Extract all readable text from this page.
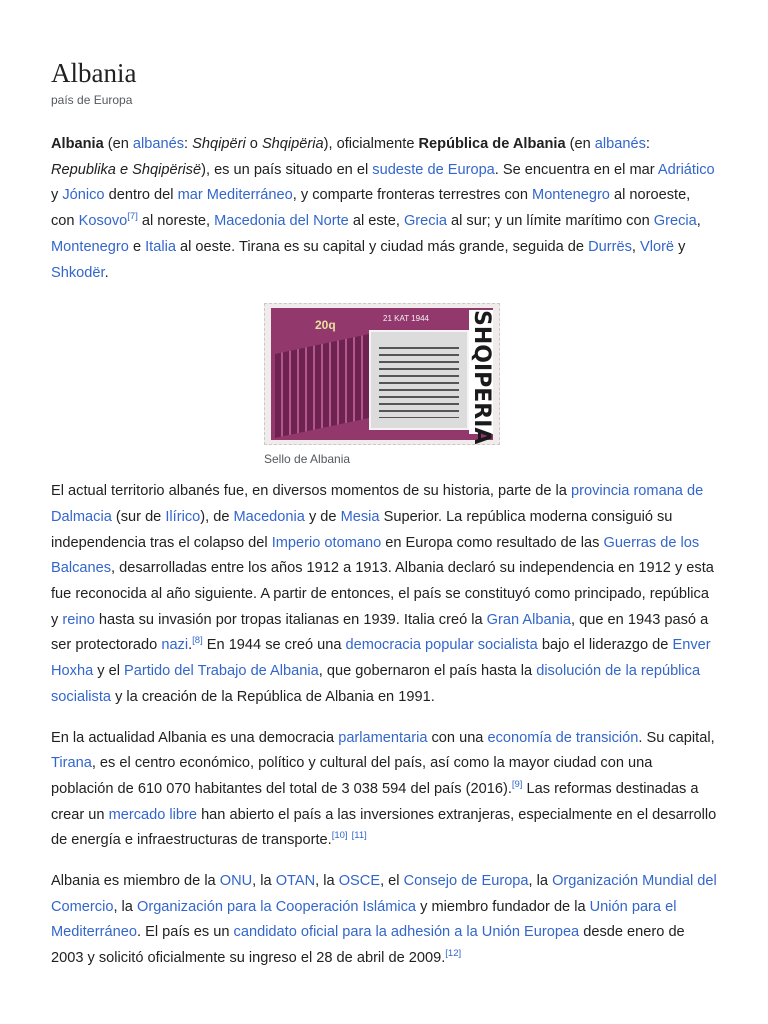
Albania
país de Europa

Albania (en albanés: Shqipëri o Shqipëria), oficialmente República de Albania (en albanés: Republika e Shqipërisë), es un país situado en el sudeste de Europa. Se encuentra en el mar Adriático y Jónico dentro del mar Mediterráneo, y comparte fronteras terrestres con Montenegro al noroeste, con Kosovo[7] al noreste, Macedonia del Norte al este, Grecia al sur; y un límite marítimo con Grecia, Montenegro e Italia al oeste. Tirana es su capital y ciudad más grande, seguida de Durrës, Vlorë y Shkodër.

20q	21 KAT 1944 SHQIPERIA
Sello de Albania

El actual territorio albanés fue, en diversos momentos de su historia, parte de la provincia romana de Dalmacia (sur de Ilírico), de Macedonia y de Mesia Superior. La república moderna consiguió su independencia tras el colapso del Imperio otomano en Europa como resultado de las Guerras de los Balcanes, desarrolladas entre los años 1912 a 1913. Albania declaró su independencia en 1912 y esta fue reconocida al año siguiente. A partir de entonces, el país se constituyó como principado, república y reino hasta su invasión por tropas italianas en 1939. Italia creó la Gran Albania, que en 1943 pasó a ser protectorado nazi.[8] En 1944 se creó una democracia popular socialista bajo el liderazgo de Enver Hoxha y el Partido del Trabajo de Albania, que gobernaron el país hasta la disolución de la república socialista y la creación de la República de Albania en 1991.

En la actualidad Albania es una democracia parlamentaria con una economía de transición. Su capital, Tirana, es el centro económico, político y cultural del país, así como la mayor ciudad con una población de 610 070 habitantes del total de 3 038 594 del país (2016).[9] Las reformas destinadas a crear un mercado libre han abierto el país a las inversiones extranjeras, especialmente en el desarrollo de energía e infraestructuras de transporte.[10] [11]

Albania es miembro de la ONU, la OTAN, la OSCE, el Consejo de Europa, la Organización Mundial del Comercio, la Organización para la Cooperación Islámica y miembro fundador de la Unión para el Mediterráneo. El país es un candidato oficial para la adhesión a la Unión Europea desde enero de 2003 y solicitó oficialmente su ingreso el 28 de abril de 2009.[12]
